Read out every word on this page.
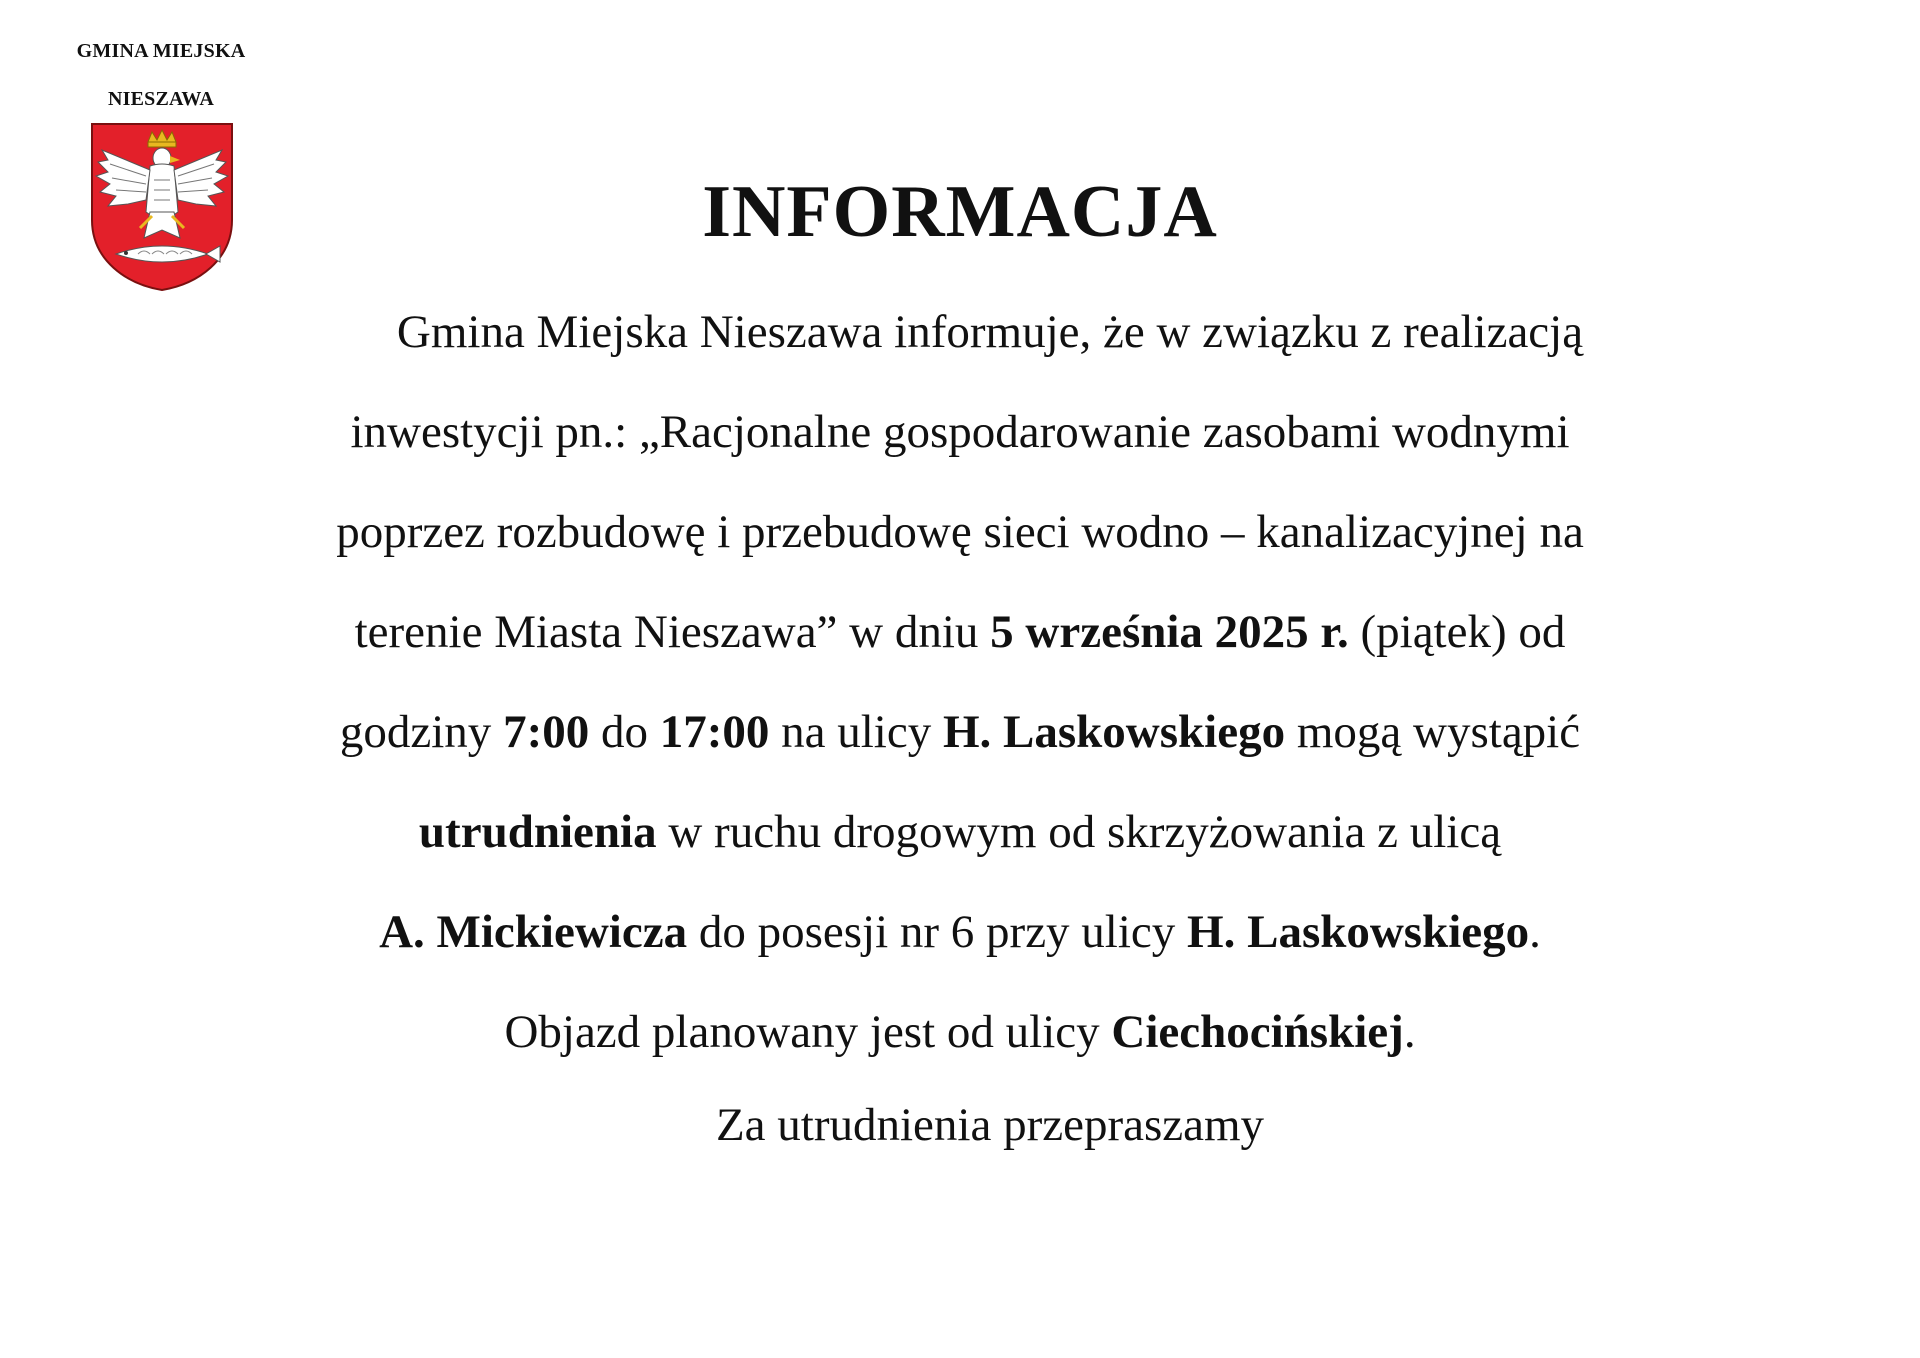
GMINA MIEJSKA
NIESZAWA
INFORMACJA
Gmina Miejska Nieszawa informuje, że w związku z realizacją
inwestycji pn.: „Racjonalne gospodarowanie zasobami wodnymi
poprzez rozbudowę i przebudowę sieci wodno – kanalizacyjnej na
terenie Miasta Nieszawa” w dniu 5 września 2025 r. (piątek) od
godziny 7:00 do 17:00 na ulicy H. Laskowskiego mogą wystąpić
utrudnienia w ruchu drogowym od skrzyżowania z ulicą
A. Mickiewicza do posesji nr 6 przy ulicy H. Laskowskiego.
Objazd planowany jest od ulicy Ciechocińskiej.
Za utrudnienia przepraszamy
